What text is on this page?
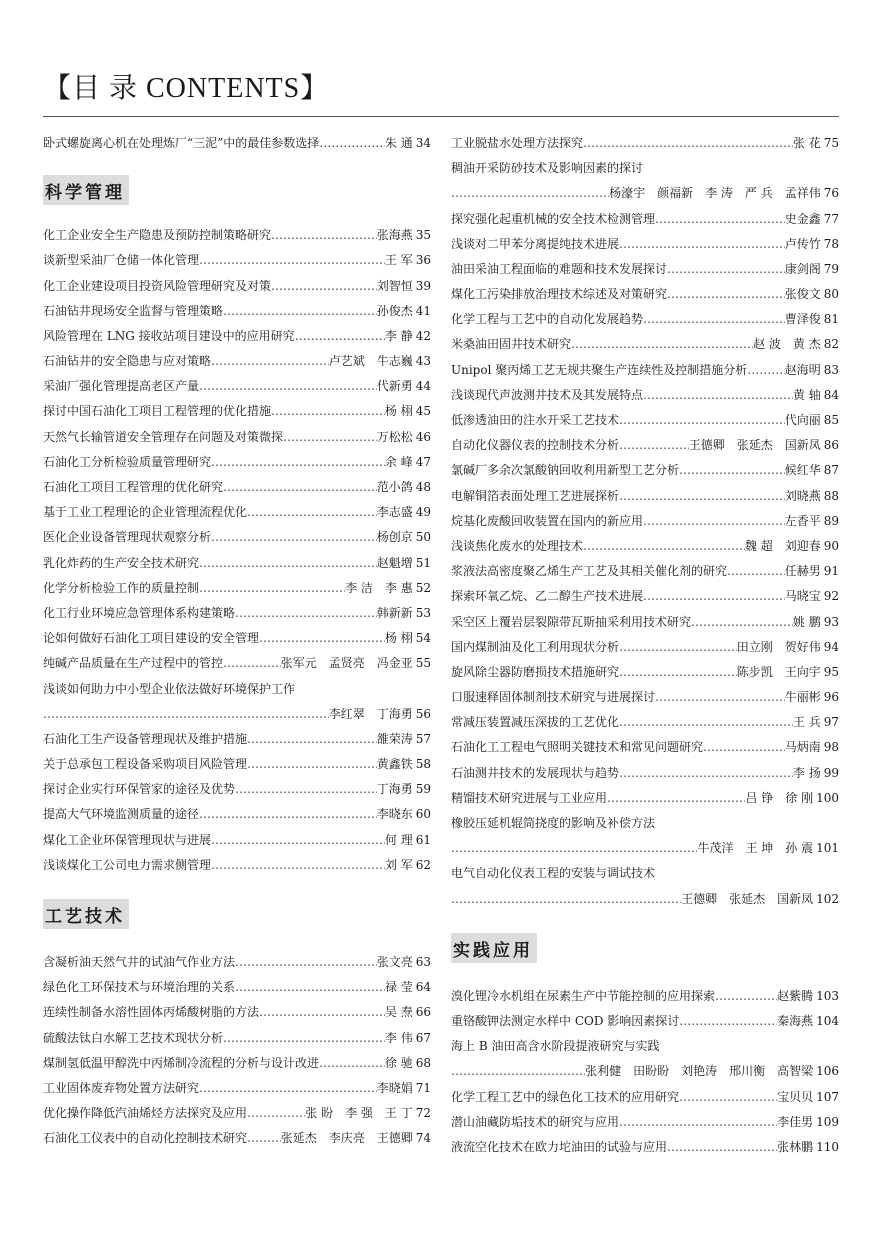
【目 录 CONTENTS】
卧式螺旋离心机在处理炼厂“三泥”中的最佳参数选择 ……………………………………………………………………………………………………………………………	朱 通 34
科学管理
化工企业安全生产隐患及预防控制策略研究 ……………………………………………………………………………………………………………………………	张海燕 35
谈新型采油厂仓储一体化管理 ……………………………………………………………………………………………………………………………	王 军 36
化工企业建设项目投资风险管理研究及对策 ……………………………………………………………………………………………………………………………	刘智恒 39
石油钻井现场安全监督与管理策略 ……………………………………………………………………………………………………………………………	孙俊杰 41
风险管理在 LNG 接收站项目建设中的应用研究 ……………………………………………………………………………………………………………………………	李 静 42
石油钻井的安全隐患与应对策略 ……………………………………………………………………………………………………………………………	卢艺斌　牛志巍 43
采油厂强化管理提高老区产量 ……………………………………………………………………………………………………………………………	代新勇 44
探讨中国石油化工项目工程管理的优化措施 ……………………………………………………………………………………………………………………………	杨 栩 45
天然气长输管道安全管理存在问题及对策微探 ……………………………………………………………………………………………………………………………	万松松 46
石油化工分析检验质量管理研究 ……………………………………………………………………………………………………………………………	余 峰 47
石油化工项目工程管理的优化研究 ……………………………………………………………………………………………………………………………	范小鸽 48
基于工业工程理论的企业管理流程优化 ……………………………………………………………………………………………………………………………	李志盛 49
医化企业设备管理现状观察分析 ……………………………………………………………………………………………………………………………	杨创京 50
乳化炸药的生产安全技术研究 ……………………………………………………………………………………………………………………………	赵魁增 51
化学分析检验工作的质量控制 ……………………………………………………………………………………………………………………………	李 洁　李 惠 52
化工行业环境应急管理体系构建策略 ……………………………………………………………………………………………………………………………	韩新新 53
论如何做好石油化工项目建设的安全管理 ……………………………………………………………………………………………………………………………	杨 栩 54
纯碱产品质量在生产过程中的管控 ……………………………………………………………………………………………………………………………	张军元　孟贤亮　冯金亚 55
浅谈如何助力中小型企业依法做好环境保护工作
……………………………………………………………………………………………………………………………
李红翠　丁海勇 56
石油化工生产设备管理现状及维护措施 ……………………………………………………………………………………………………………………………	雒荣涛 57
关于总承包工程设备采购项目风险管理 ……………………………………………………………………………………………………………………………	黄鑫铁 58
探讨企业实行环保管家的途径及优势 ……………………………………………………………………………………………………………………………	丁海勇 59
提高大气环境监测质量的途径 ……………………………………………………………………………………………………………………………	李晓东 60
煤化工企业环保管理现状与进展 ……………………………………………………………………………………………………………………………	何 理 61
浅谈煤化工公司电力需求侧管理 ……………………………………………………………………………………………………………………………	刘 军 62
工艺技术
含凝析油天然气井的试油气作业方法 ……………………………………………………………………………………………………………………………	张文亮 63
绿色化工环保技术与环境治理的关系 ……………………………………………………………………………………………………………………………	禄 莹 64
连续性制备水溶性固体丙烯酸树脂的方法 ……………………………………………………………………………………………………………………………	吴 焘 66
硫酸法钛白水解工艺技术现状分析 ……………………………………………………………………………………………………………………………	李 伟 67
煤制氢低温甲醇洗中丙烯制冷流程的分析与设计改进 ……………………………………………………………………………………………………………………………	徐 驰 68
工业固体废弃物处置方法研究 ……………………………………………………………………………………………………………………………	李晓娟 71
优化操作降低汽油烯烃方法探究及应用 ……………………………………………………………………………………………………………………………	张 盼　李 强　王 丁 72
石油化工仪表中的自动化控制技术研究 ……………………………………………………………………………………………………………………………	张延杰　李庆亮　王德卿 74
工业脱盐水处理方法探究 ……………………………………………………………………………………………………………………………	张 花 75
稠油开采防砂技术及影响因素的探讨
……………………………………………………………………………………………………………………………
杨濠宇　颜福新　李 涛　严 兵　孟祥伟 76
探究强化起重机械的安全技术检测管理 ……………………………………………………………………………………………………………………………	史金鑫 77
浅谈对二甲苯分离提纯技术进展 ……………………………………………………………………………………………………………………………	卢传竹 78
油田采油工程面临的难题和技术发展探讨 ……………………………………………………………………………………………………………………………	康剑阁 79
煤化工污染排放治理技术综述及对策研究 ……………………………………………………………………………………………………………………………	张俊文 80
化学工程与工艺中的自动化发展趋势 ……………………………………………………………………………………………………………………………	曹泽俊 81
米桑油田固井技术研究 ……………………………………………………………………………………………………………………………	赵 波　黄 杰 82
Unipol 聚丙烯工艺无规共聚生产连续性及控制措施分析 ……………………………………………………………………………………………………………………………	赵海明 83
浅谈现代声波测井技术及其发展特点 ……………………………………………………………………………………………………………………………	黄 轴 84
低渗透油田的注水开采工艺技术 ……………………………………………………………………………………………………………………………	代向丽 85
自动化仪器仪表的控制技术分析 ……………………………………………………………………………………………………………………………	王德卿　张延杰　国新凤 86
氯碱厂多余次氯酸钠回收利用新型工艺分析 ……………………………………………………………………………………………………………………………	候红华 87
电解铜箔表面处理工艺进展探析 ……………………………………………………………………………………………………………………………	刘晓燕 88
烷基化废酸回收装置在国内的新应用 ……………………………………………………………………………………………………………………………	左香平 89
浅谈焦化废水的处理技术 ……………………………………………………………………………………………………………………………	魏 超　刘迎春 90
浆液法高密度聚乙烯生产工艺及其相关催化剂的研究 ……………………………………………………………………………………………………………………………	任赫男 91
探索环氧乙烷、乙二醇生产技术进展 ……………………………………………………………………………………………………………………………	马晓宝 92
采空区上覆岩层裂隙带瓦斯抽采利用技术研究 ……………………………………………………………………………………………………………………………	姚 鹏 93
国内煤制油及化工利用现状分析 ……………………………………………………………………………………………………………………………	田立刚　贺好伟 94
旋风除尘器防磨损技术措施研究 ……………………………………………………………………………………………………………………………	陈步凯　王向宇 95
口服速释固体制剂技术研究与进展探讨 ……………………………………………………………………………………………………………………………	牛丽彬 96
常减压装置减压深拔的工艺优化 ……………………………………………………………………………………………………………………………	王 兵 97
石油化工工程电气照明关键技术和常见问题研究 ……………………………………………………………………………………………………………………………	马炳南 98
石油测井技术的发展现状与趋势 ……………………………………………………………………………………………………………………………	李 扬 99
精馏技术研究进展与工业应用 ……………………………………………………………………………………………………………………………	吕 铮　徐 刚 100
橡胶压延机辊筒挠度的影响及补偿方法
……………………………………………………………………………………………………………………………
牛茂洋　王 坤　孙 震 101
电气自动化仪表工程的安装与调试技术
……………………………………………………………………………………………………………………………
王德卿　张延杰　国新凤 102
实践应用
溴化锂冷水机组在尿素生产中节能控制的应用探索 ……………………………………………………………………………………………………………………………	赵紫腾 103
重铬酸钾法测定水样中 COD 影响因素探讨 ……………………………………………………………………………………………………………………………	秦海燕 104
海上 B 油田高含水阶段提液研究与实践
……………………………………………………………………………………………………………………………
张利健　田盼盼　刘艳涛　邢川衡　高智梁 106
化学工程工艺中的绿色化工技术的应用研究 ……………………………………………………………………………………………………………………………	宝贝贝 107
潜山油藏防垢技术的研究与应用 ……………………………………………………………………………………………………………………………	李佳男 109
液流空化技术在欧力坨油田的试验与应用 ……………………………………………………………………………………………………………………………	张林鹏 110
